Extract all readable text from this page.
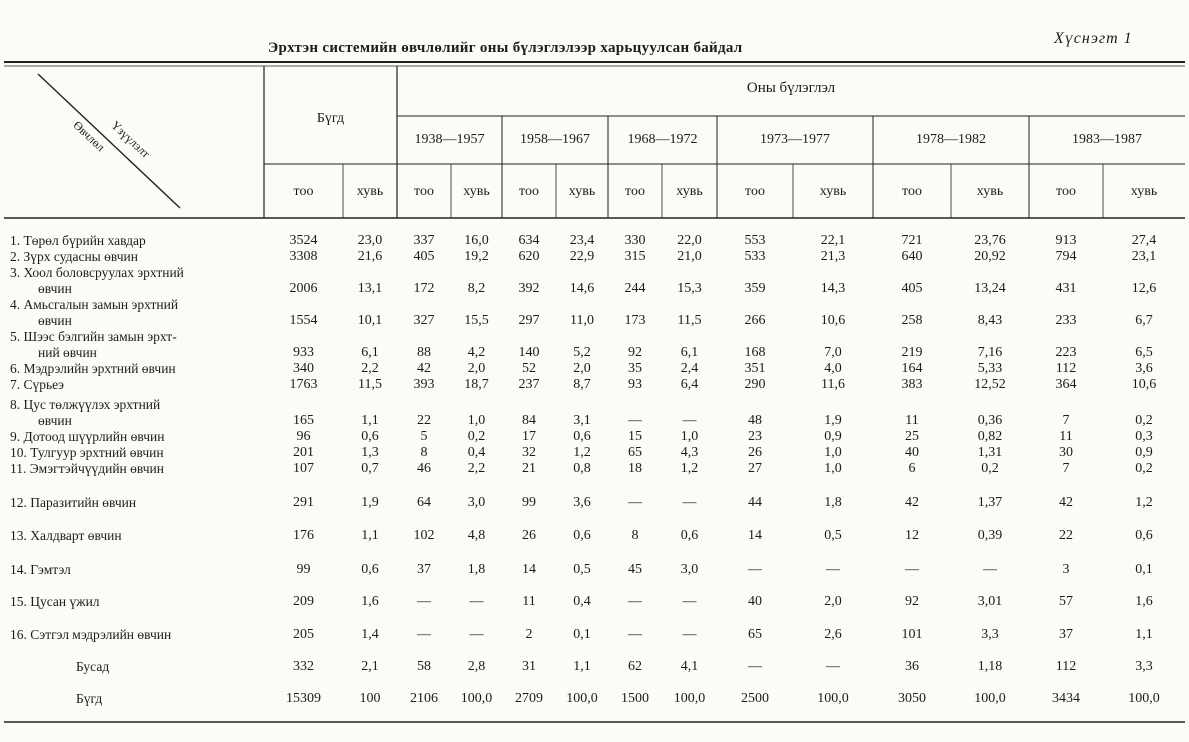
Эрхтэн системийн өвчлөлийг оны бүлэглэлээр харьцуулсан байдал
Хүснэгт 1
Үзүүлэлт
Өвчлөл	Бүгд
Оны бүлэглэл
1938—1957	1958—1967	1968—1972	1973—1977	1978—1982	1983—1987
тоо	хувь	тоо	хувь	тоо	хувь	тоо	хувь	тоо	хувь	тоо	хувь	тоо	хувь
1. Төрөл бүрийн хавдар	3524	23,0	337	16,0	634	23,4	330	22,0	553	22,1	721	23,76	913	27,4
2. Зүрх судасны өвчин	3308	21,6	405	19,2	620	22,9	315	21,0	533	21,3	640	20,92	794	23,1
3. Хоол боловсруулах эрхтний
өвчин	2006	13,1	172	8,2	392	14,6	244	15,3	359	14,3	405	13,24	431	12,6
4. Амьсгалын замын эрхтний
өвчин	1554	10,1	327	15,5	297	11,0	173	11,5	266	10,6	258	8,43	233	6,7
5. Шээс бэлгийн замын эрхт-
ний өвчин	933	6,1	88	4,2	140	5,2	92	6,1	168	7,0	219	7,16	223	6,5
6. Мэдрэлийн эрхтний өвчин	340	2,2	42	2,0	52	2,0	35	2,4	351	4,0	164	5,33	112	3,6
7. Сүрьеэ	1763	11,5	393	18,7	237	8,7	93	6,4	290	11,6	383	12,52	364	10,6
8. Цус төлжүүлэх эрхтний
өвчин	165	1,1	22	1,0	84	3,1	—	—	48	1,9	11	0,36	7	0,2
9. Дотоод шүүрлийн өвчин	96	0,6	5	0,2	17	0,6	15	1,0	23	0,9	25	0,82	11	0,3
10. Тулгуур эрхтний өвчин	201	1,3	8	0,4	32	1,2	65	4,3	26	1,0	40	1,31	30	0,9
11. Эмэгтэйчүүдийн өвчин	107	0,7	46	2,2	21	0,8	18	1,2	27	1,0	6	0,2	7	0,2
12. Паразитийн өвчин	291	1,9	64	3,0	99	3,6	—	—	44	1,8	42	1,37	42	1,2
13. Халдварт өвчин	176	1,1	102	4,8	26	0,6	8	0,6	14	0,5	12	0,39	22	0,6
14. Гэмтэл	99	0,6	37	1,8	14	0,5	45	3,0	—	—	—	—	3	0,1
15. Цусан үжил	209	1,6	—	—	11	0,4	—	—	40	2,0	92	3,01	57	1,6
16. Сэтгэл мэдрэлийн өвчин	205	1,4	—	—	2	0,1	—	—	65	2,6	101	3,3	37	1,1
Бусад	332	2,1	58	2,8	31	1,1	62	4,1	—	—	36	1,18	112	3,3
Бүгд	15309	100	2106	100,0	2709	100,0	1500	100,0	2500	100,0	3050	100,0	3434	100,0
